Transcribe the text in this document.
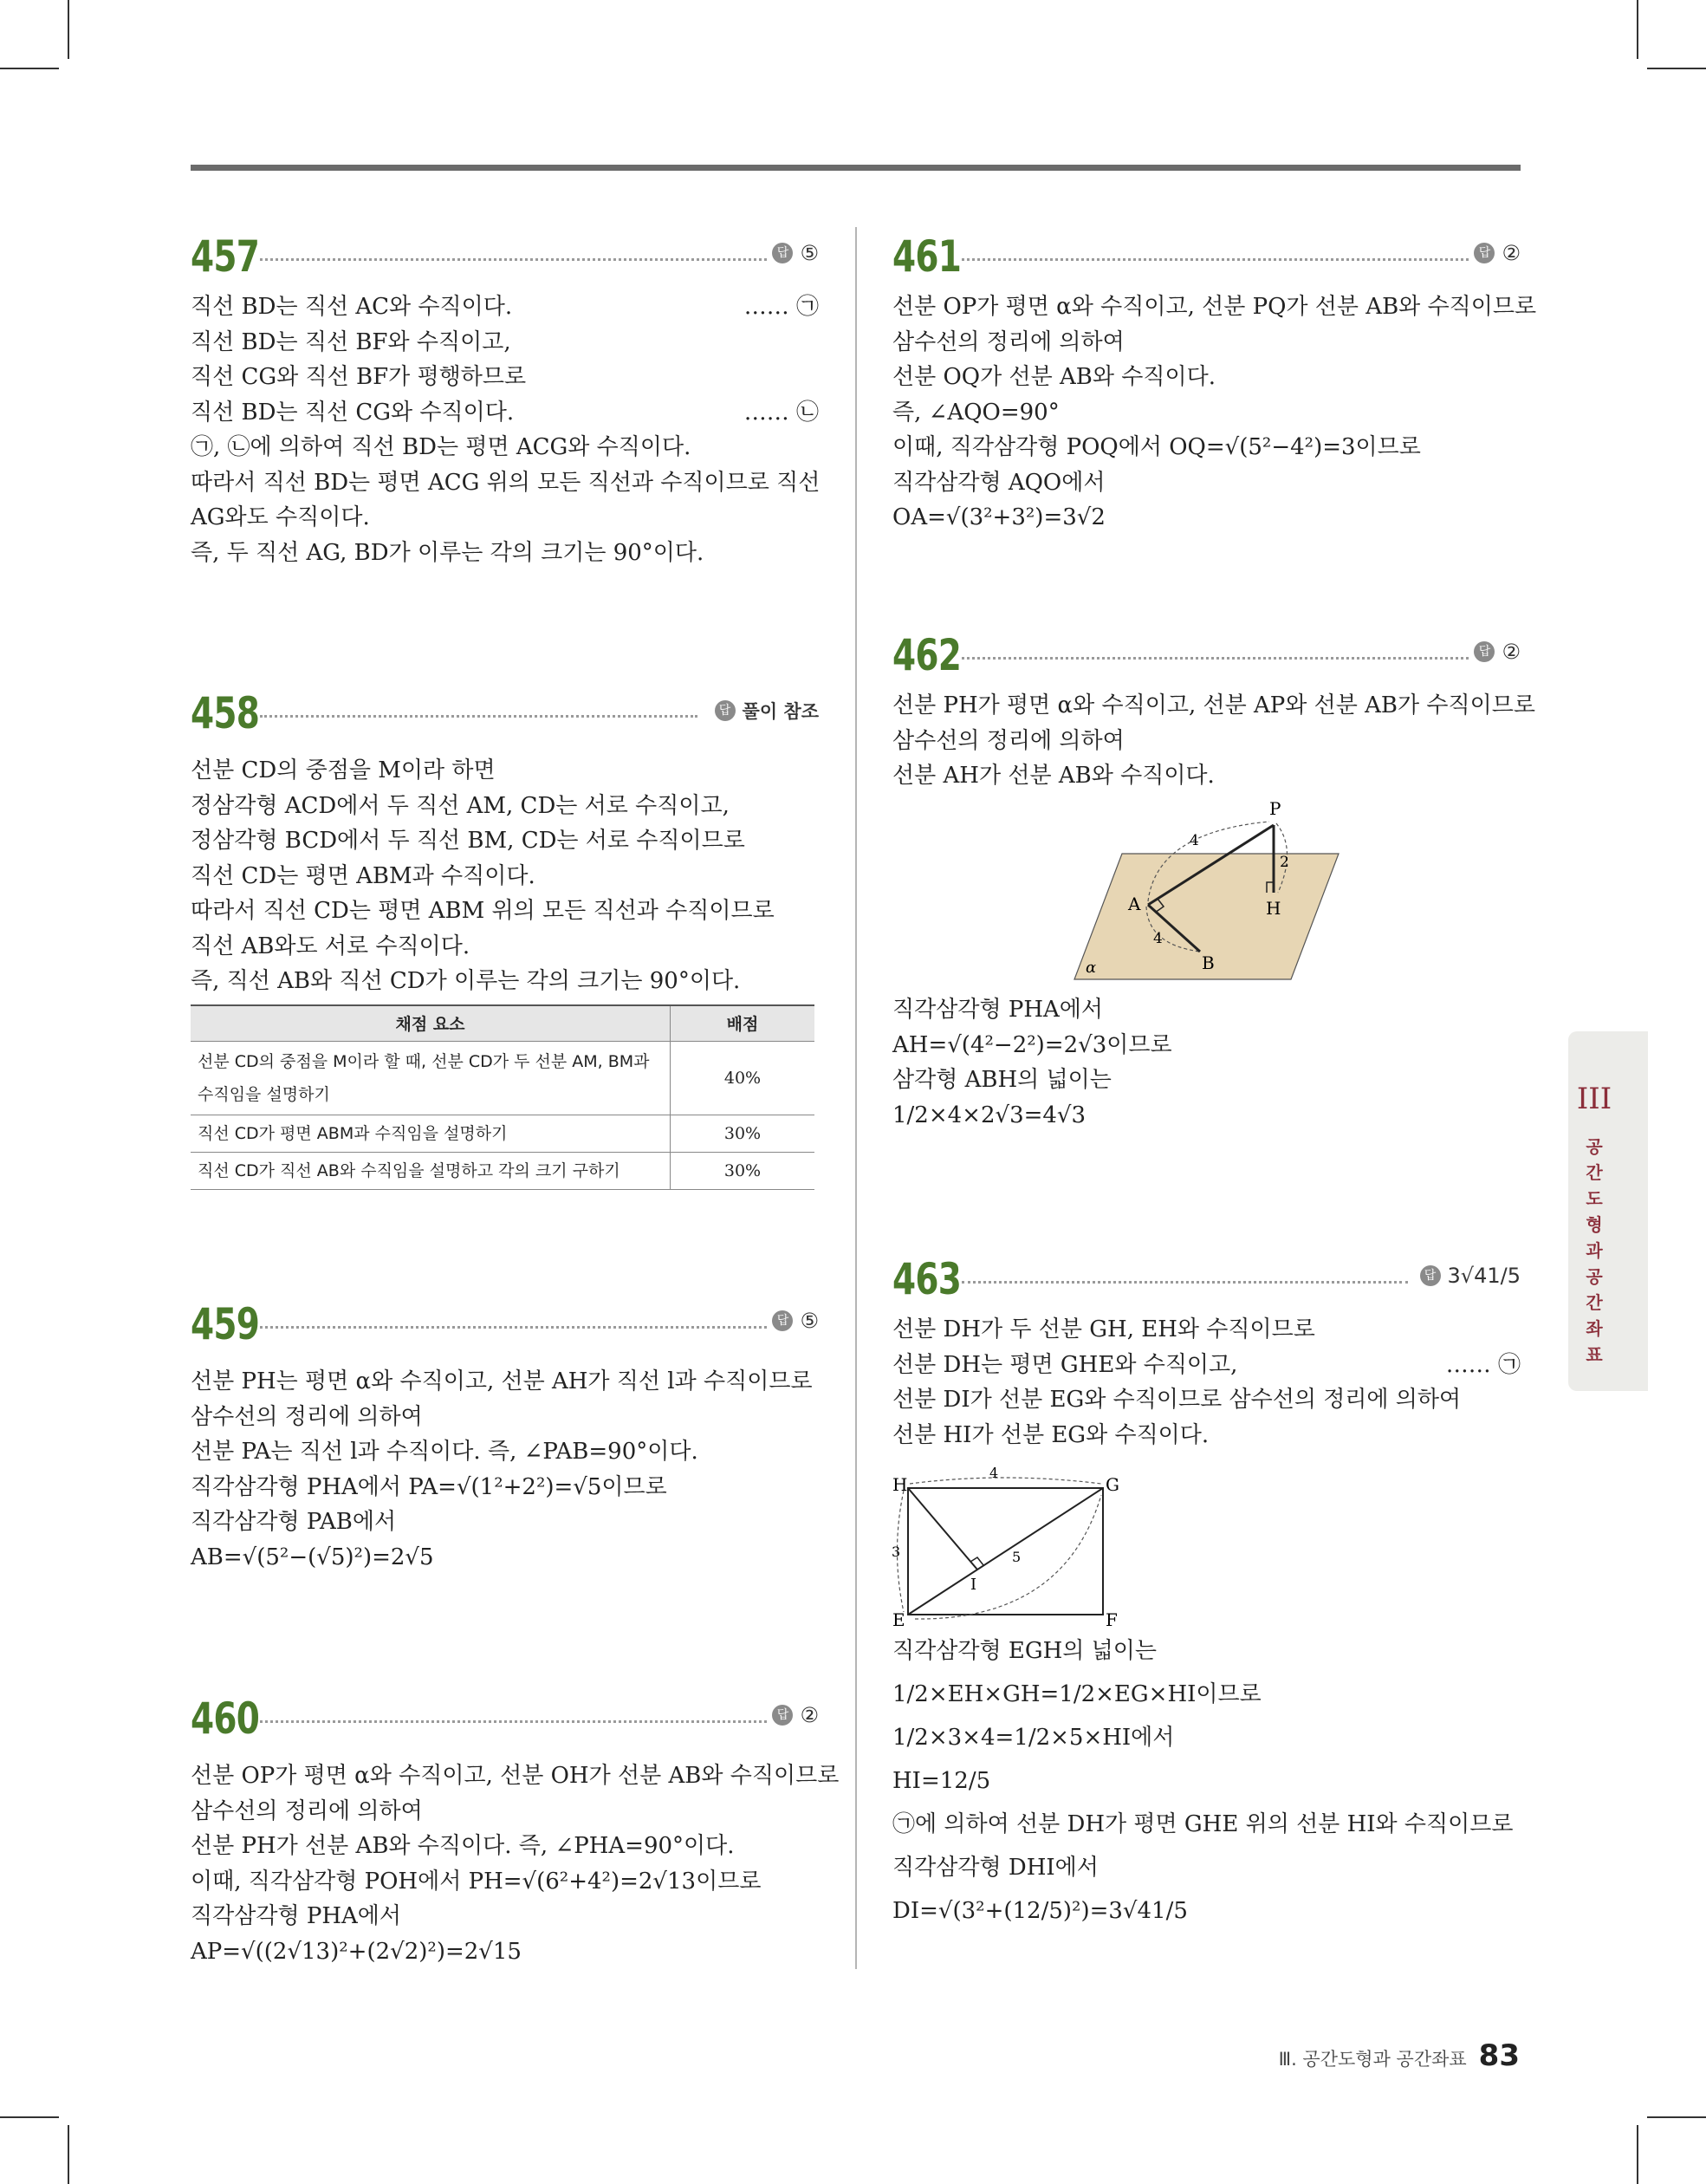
457	답 ⑤
직선 BD는 직선 AC와 수직이다.	…… ㉠
직선 BD는 직선 BF와 수직이고,
직선 CG와 직선 BF가 평행하므로
직선 BD는 직선 CG와 수직이다.	…… ㉡
㉠, ㉡에 의하여 직선 BD는 평면 ACG와 수직이다.
따라서 직선 BD는 평면 ACG 위의 모든 직선과 수직이므로 직선
AG와도 수직이다.
즉, 두 직선 AG, BD가 이루는 각의 크기는 90°이다.
458	답 풀이 참조
선분 CD의 중점을 M이라 하면
정삼각형 ACD에서 두 직선 AM, CD는 서로 수직이고,
정삼각형 BCD에서 두 직선 BM, CD는 서로 수직이므로
직선 CD는 평면 ABM과 수직이다.
따라서 직선 CD는 평면 ABM 위의 모든 직선과 수직이므로
직선 AB와도 서로 수직이다.
즉, 직선 AB와 직선 CD가 이루는 각의 크기는 90°이다.
채점 요소	배점
선분 CD의 중점을 M이라 할 때, 선분 CD가 두 선분 AM, BM과 수직임을 설명하기	40%
직선 CD가 평면 ABM과 수직임을 설명하기	30%
직선 CD가 직선 AB와 수직임을 설명하고 각의 크기 구하기	30%
459	답 ⑤
선분 PH는 평면 α와 수직이고, 선분 AH가 직선 l과 수직이므로
삼수선의 정리에 의하여
선분 PA는 직선 l과 수직이다. 즉, ∠PAB=90°이다.
직각삼각형 PHA에서 PA=√(1²+2²)=√5이므로
직각삼각형 PAB에서
AB=√(5²−(√5)²)=2√5
460	답 ②
선분 OP가 평면 α와 수직이고, 선분 OH가 선분 AB와 수직이므로
삼수선의 정리에 의하여
선분 PH가 선분 AB와 수직이다. 즉, ∠PHA=90°이다.
이때, 직각삼각형 POH에서 PH=√(6²+4²)=2√13이므로
직각삼각형 PHA에서
AP=√((2√13)²+(2√2)²)=2√15
461	답 ②
선분 OP가 평면 α와 수직이고, 선분 PQ가 선분 AB와 수직이므로
삼수선의 정리에 의하여
선분 OQ가 선분 AB와 수직이다.
즉, ∠AQO=90°
이때, 직각삼각형 POQ에서 OQ=√(5²−4²)=3이므로
직각삼각형 AQO에서
OA=√(3²+3²)=3√2
462	답 ②
선분 PH가 평면 α와 수직이고, 선분 AP와 선분 AB가 수직이므로
삼수선의 정리에 의하여
선분 AH가 선분 AB와 수직이다.
P
A	H
B
α
4
2
4
직각삼각형 PHA에서
AH=√(4²−2²)=2√3이므로
삼각형 ABH의 넓이는
1/2×4×2√3=4√3
463	답 3√41/5
선분 DH가 두 선분 GH, EH와 수직이므로
선분 DH는 평면 GHE와 수직이고,	…… ㉠
선분 DI가 선분 EG와 수직이므로 삼수선의 정리에 의하여
선분 HI가 선분 EG와 수직이다.
H	G
E	F
I
4
3	5
직각삼각형 EGH의 넓이는
1/2×EH×GH=1/2×EG×HI이므로
1/2×3×4=1/2×5×HI에서
HI=12/5
㉠에 의하여 선분 DH가 평면 GHE 위의 선분 HI와 수직이므로
직각삼각형 DHI에서
DI=√(3²+(12/5)²)=3√41/5
III
공간도형과 공간좌표
Ⅲ. 공간도형과 공간좌표 83
